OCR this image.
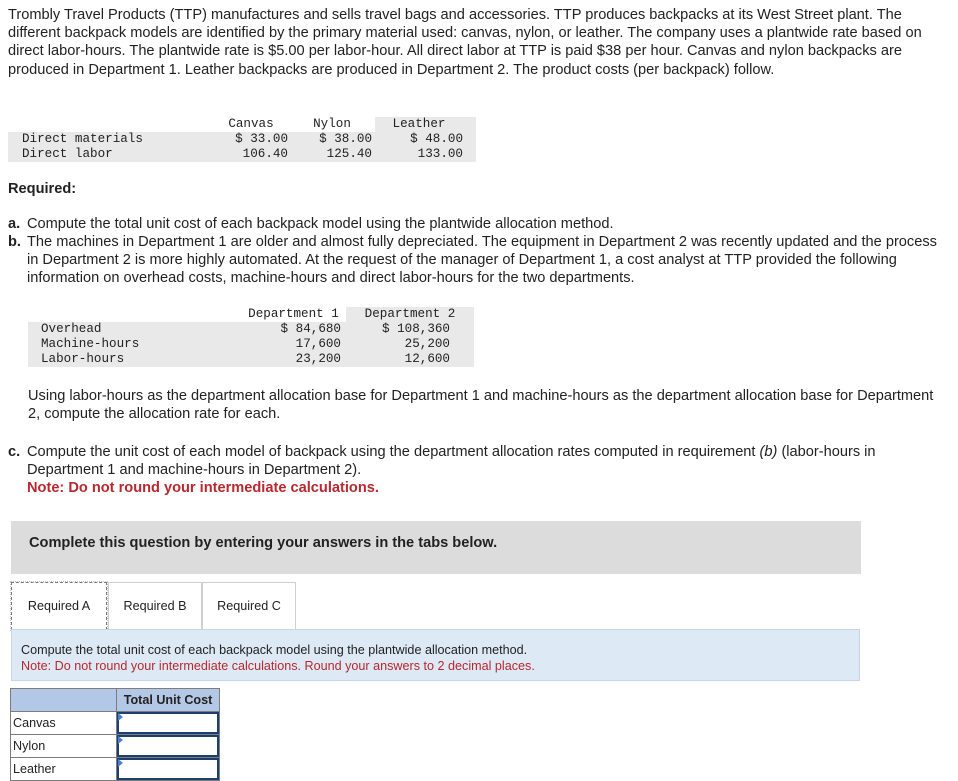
Trombly Travel Products (TTP) manufactures and sells travel bags and accessories. TTP produces backpacks at its West Street plant. The different backpack models are identified by the primary material used: canvas, nylon, or leather. The company uses a plantwide rate based on direct labor-hours. The plantwide rate is $5.00 per labor-hour. All direct labor at TTP is paid $38 per hour. Canvas and nylon backpacks are produced in Department 1. Leather backpacks are produced in Department 2. The product costs (per backpack) follow.
	Canvas	Nylon	Leather
Direct materials	$ 33.00	$ 38.00	$ 48.00
Direct labor	106.40	125.40	133.00
Required:
a. Compute the total unit cost of each backpack model using the plantwide allocation method.
b. The machines in Department 1 are older and almost fully depreciated. The equipment in Department 2 was recently updated and the process in Department 2 is more highly automated. At the request of the manager of Department 1, a cost analyst at TTP provided the following information on overhead costs, machine-hours and direct labor-hours for the two departments.
	Department 1	Department 2
Overhead	$ 84,680	$ 108,360
Machine-hours	17,600	25,200
Labor-hours	23,200	12,600
Using labor-hours as the department allocation base for Department 1 and machine-hours as the department allocation base for Department 2, compute the allocation rate for each.
c. Compute the unit cost of each model of backpack using the department allocation rates computed in requirement (b) (labor-hours in Department 1 and machine-hours in Department 2).
Note: Do not round your intermediate calculations.
Complete this question by entering your answers in the tabs below.
Required A	Required B	Required C
Compute the total unit cost of each backpack model using the plantwide allocation method.
Note: Do not round your intermediate calculations. Round your answers to 2 decimal places.
	Total Unit Cost
Canvas	

Nylon	

Leather	
